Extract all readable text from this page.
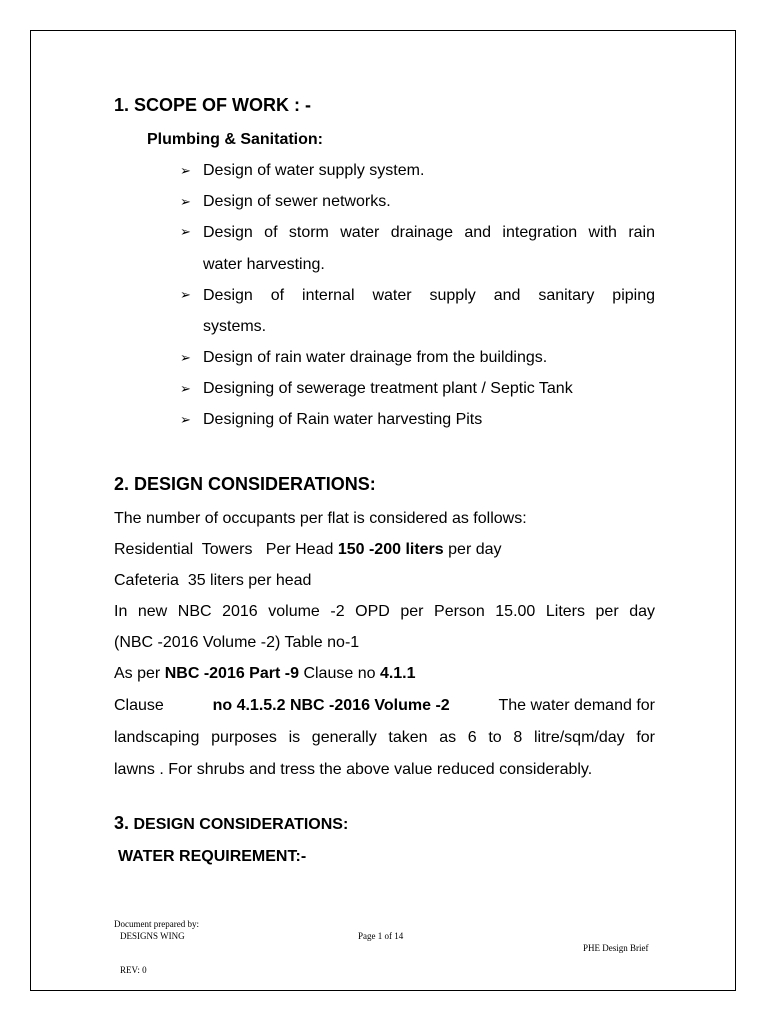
1. SCOPE OF WORK : -
Plumbing & Sanitation:
➢ Design of water supply system.
➢ Design of sewer networks.
➢ Design of storm water drainage and integration with rain
water harvesting.
➢ Design of internal water supply and sanitary piping
systems.
➢ Design of rain water drainage from the buildings.
➢ Designing of sewerage treatment plant / Septic Tank
➢ Designing of Rain water harvesting Pits
2. DESIGN CONSIDERATIONS:
The number of occupants per flat is considered as follows:
Residential  Towers Per Head 150 -200 liters per day
Cafeteria  35 liters per head
In new NBC 2016 volume -2 OPD per Person 15.00 Liters per day
(NBC -2016 Volume -2) Table no-1
As per NBC -2016 Part -9 Clause no 4.1.1
Clause	no 4.1.5.2 NBC -2016 Volume -2	The water demand for
landscaping purposes is generally taken as 6 to 8 litre/sqm/day for
lawns . For shrubs and tress the above value reduced considerably.
3. DESIGN CONSIDERATIONS:
WATER REQUIREMENT:-
Document prepared by:
DESIGNS WING	Page 1 of 14
PHE Design Brief
REV: 0
